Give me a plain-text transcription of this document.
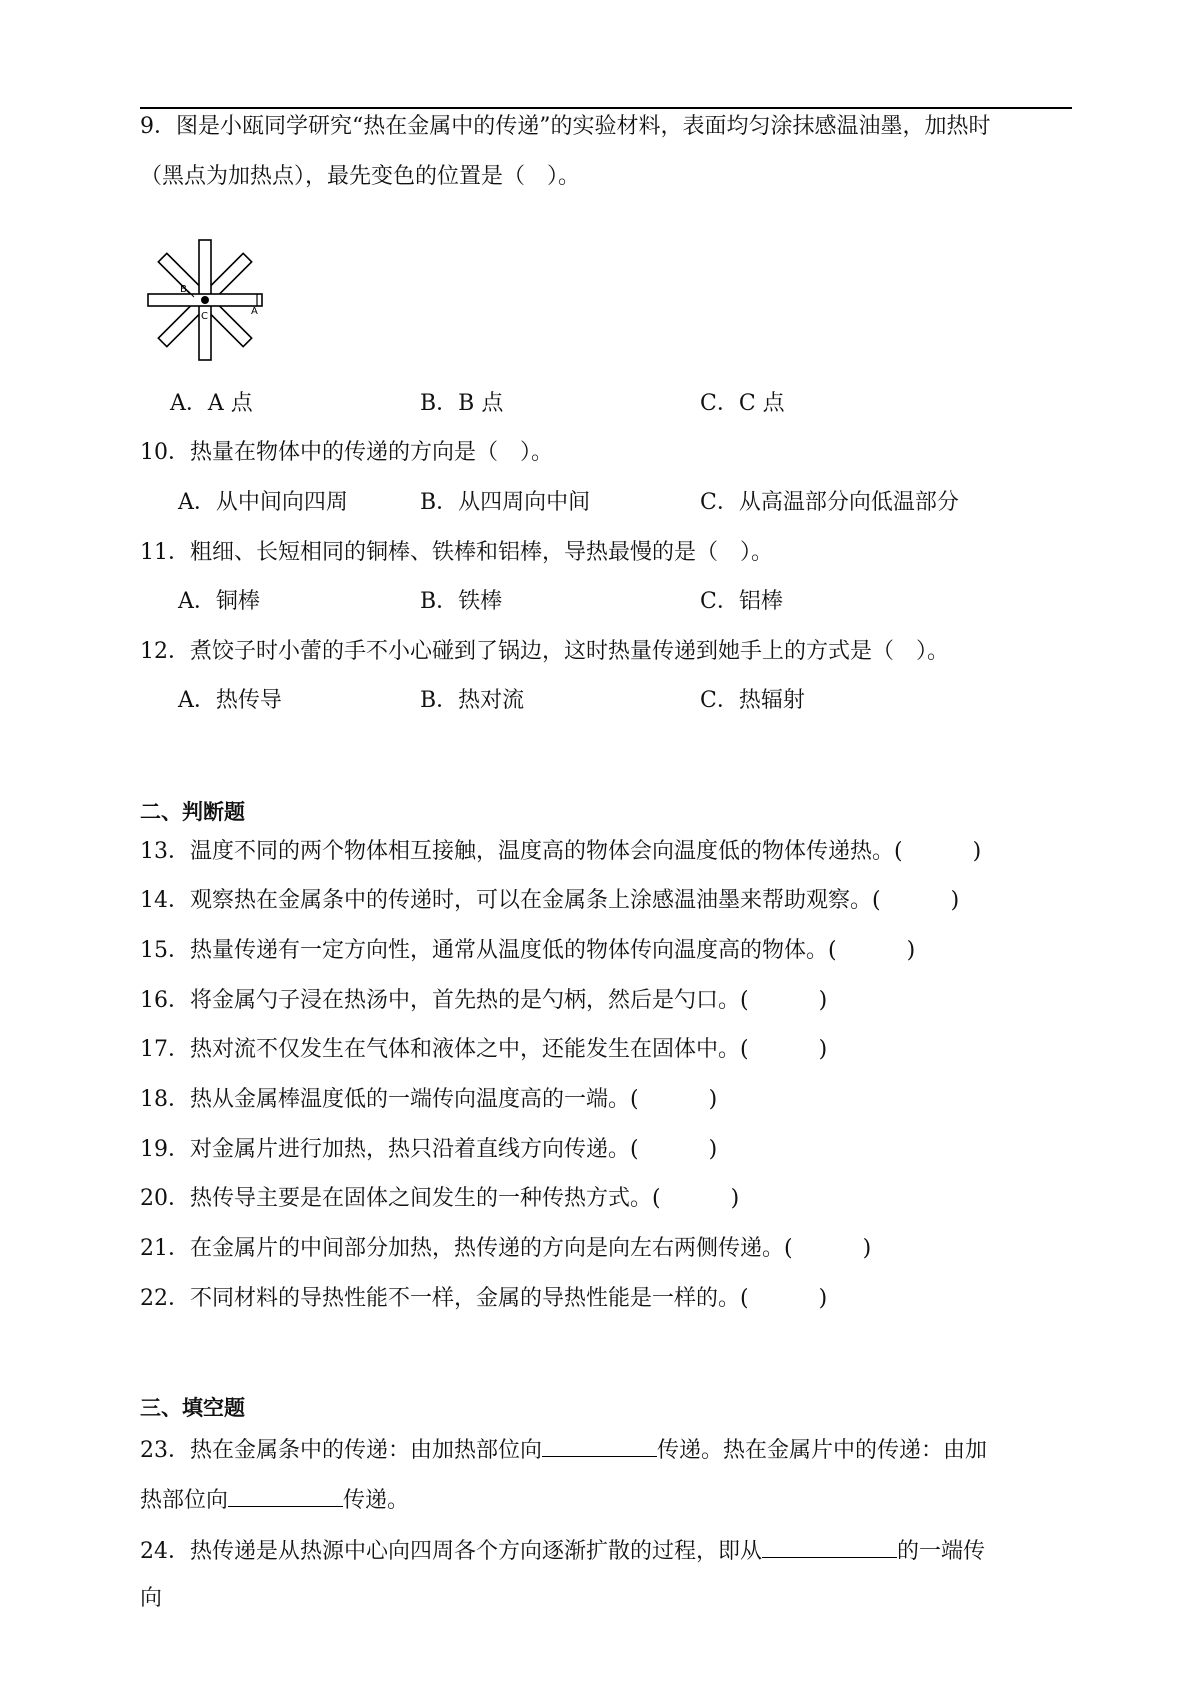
9．图是小瓯同学研究“热在金属中的传递”的实验材料，表面均匀涂抹感温油墨，加热时
（黑点为加热点），最先变色的位置是（　）。
B
C	A
A．A 点	B．B 点	C．C 点
10．热量在物体中的传递的方向是（　）。
A．从中间向四周	B．从四周向中间	C．从高温部分向低温部分
11．粗细、长短相同的铜棒、铁棒和铝棒，导热最慢的是（　）。
A．铜棒	B．铁棒	C．铝棒
12．煮饺子时小蕾的手不小心碰到了锅边，这时热量传递到她手上的方式是（　）。
A．热传导	B．热对流	C．热辐射
二、判断题
13．温度不同的两个物体相互接触，温度高的物体会向温度低的物体传递热。(	)
14．观察热在金属条中的传递时，可以在金属条上涂感温油墨来帮助观察。(	)
15．热量传递有一定方向性，通常从温度低的物体传向温度高的物体。(	)
16．将金属勺子浸在热汤中，首先热的是勺柄，然后是勺口。(	)
17．热对流不仅发生在气体和液体之中，还能发生在固体中。(	)
18．热从金属棒温度低的一端传向温度高的一端。(	)
19．对金属片进行加热，热只沿着直线方向传递。(	)
20．热传导主要是在固体之间发生的一种传热方式。(	)
21．在金属片的中间部分加热，热传递的方向是向左右两侧传递。(	)
22．不同材料的导热性能不一样，金属的导热性能是一样的。(	)
三、填空题
23．热在金属条中的传递：由加热部位向	传递。热在金属片中的传递：由加
热部位向	传递。
24．热传递是从热源中心向四周各个方向逐渐扩散的过程，即从	的一端传
向
